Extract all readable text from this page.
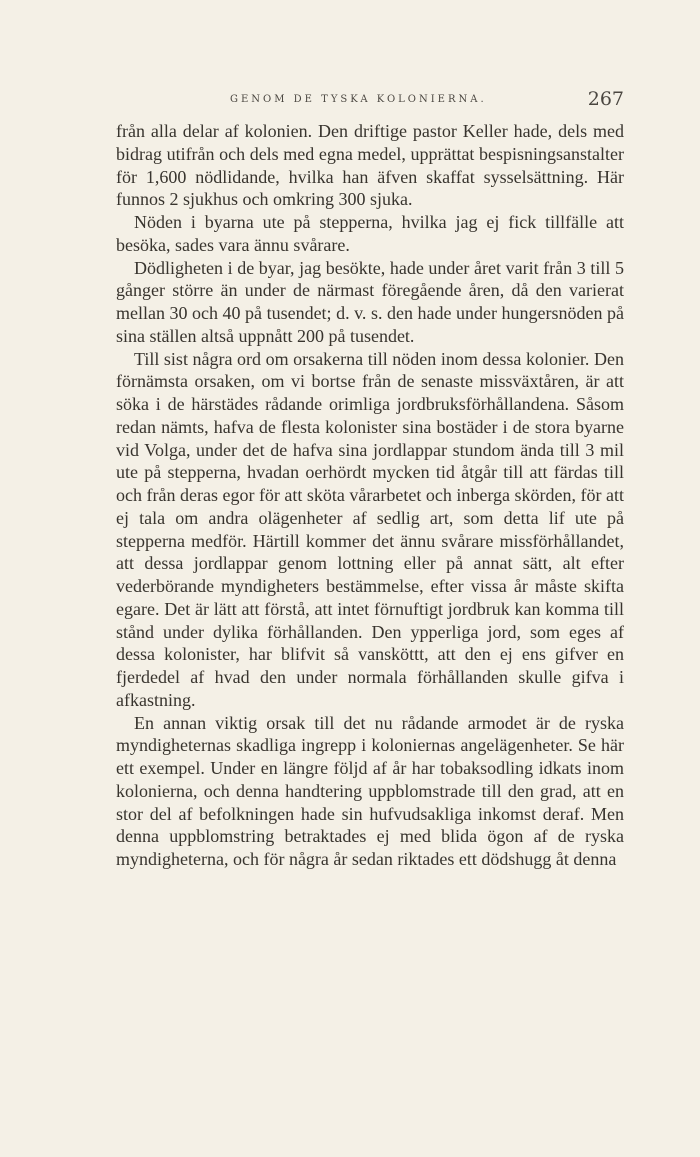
GENOM DE TYSKA KOLONIERNA.	267

från alla delar af kolonien. Den driftige pastor Keller hade, dels med bidrag utifrån och dels med egna medel, upprättat bespisningsanstalter för 1,600 nödlidande, hvilka han äfven skaffat sysselsättning. Här funnos 2 sjukhus och omkring 300 sjuka.

Nöden i byarna ute på stepperna, hvilka jag ej fick tillfälle att besöka, sades vara ännu svårare.

Dödligheten i de byar, jag besökte, hade under året varit från 3 till 5 gånger större än under de närmast föregående åren, då den varierat mellan 30 och 40 på tusendet; d. v. s. den hade under hungersnöden på sina ställen altså uppnått 200 på tusendet.

Till sist några ord om orsakerna till nöden inom dessa kolonier. Den förnämsta orsaken, om vi bortse från de senaste missväxtåren, är att söka i de härstädes rådande orimliga jordbruksförhållandena. Såsom redan nämts, hafva de flesta kolonister sina bostäder i de stora byarne vid Volga, under det de hafva sina jordlappar stundom ända till 3 mil ute på stepperna, hvadan oerhördt mycken tid åtgår till att färdas till och från deras egor för att sköta vårarbetet och inberga skörden, för att ej tala om andra olägenheter af sedlig art, som detta lif ute på stepperna medför. Härtill kommer det ännu svårare missförhållandet, att dessa jordlappar genom lottning eller på annat sätt, alt efter vederbörande myndigheters bestämmelse, efter vissa år måste skifta egare. Det är lätt att förstå, att intet förnuftigt jordbruk kan komma till stånd under dylika förhållanden. Den ypperliga jord, som eges af dessa kolonister, har blifvit så vansköttt, att den ej ens gifver en fjerdedel af hvad den under normala förhållanden skulle gifva i afkastning.

En annan viktig orsak till det nu rådande armodet är de ryska myndigheternas skadliga ingrepp i koloniernas angelägenheter. Se här ett exempel. Under en längre följd af år har tobaksodling idkats inom kolonierna, och denna handtering uppblomstrade till den grad, att en stor del af befolkningen hade sin hufvudsakliga inkomst deraf. Men denna uppblomstring betraktades ej med blida ögon af de ryska myndigheterna, och för några år sedan riktades ett dödshugg åt denna
